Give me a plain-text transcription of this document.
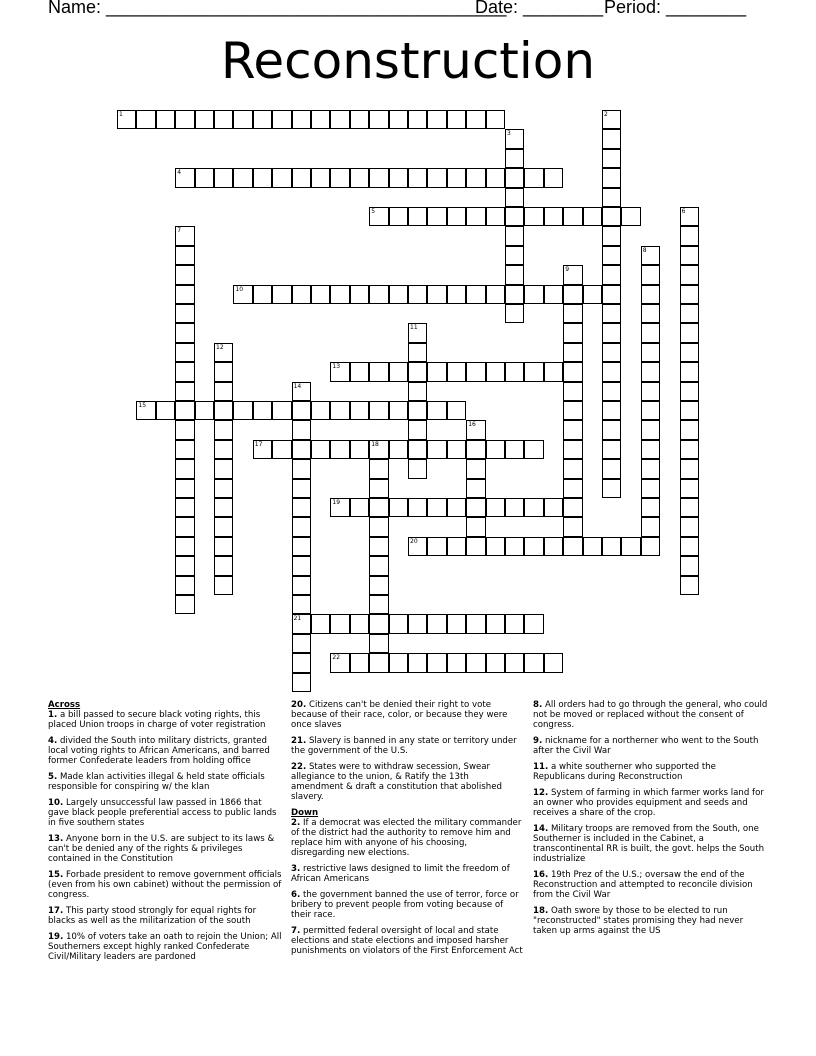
Name: ________________________________________
Date: ________ Period: ________
Reconstruction
1	2
3
4
5	6
7
8
9
10
11
12
13
14
21
15
16
17	18
19
20
22
Across
1. a bill passed to secure black voting rights, this placed Union troops in charge of voter registration
4. divided the South into military districts, granted local voting rights to African Americans, and barred former Confederate leaders from holding office
5. Made klan activities illegal & held state officials responsible for conspiring w/ the klan
10. Largely unsuccessful law passed in 1866 that gave black people preferential access to public lands in five southern states
13. Anyone born in the U.S. are subject to its laws & can't be denied any of the rights & privileges contained in the Constitution
15. Forbade president to remove government officials (even from his own cabinet) without the permission of congress.
17. This party stood strongly for equal rights for blacks as well as the militarization of the south
19. 10% of voters take an oath to rejoin the Union; All Southerners except highly ranked Confederate Civil/Military leaders are pardoned
20. Citizens can't be denied their right to vote because of their race, color, or because they were once slaves
21. Slavery is banned in any state or territory under the government of the U.S.
22. States were to withdraw secession, Swear allegiance to the union, & Ratify the 13th amendment & draft a constitution that abolished slavery.
Down
2. If a democrat was elected the military commander of the district had the authority to remove him and replace him with anyone of his choosing, disregarding new elections.
3. restrictive laws designed to limit the freedom of African Americans
6. the government banned the use of terror, force or bribery to prevent people from voting because of their race.
7. permitted federal oversight of local and state elections and state elections and imposed harsher punishments on violators of the First Enforcement Act
8. All orders had to go through the general, who could not be moved or replaced without the consent of congress.
9. nickname for a northerner who went to the South after the Civil War
11. a white southerner who supported the Republicans during Reconstruction
12. System of farming in which farmer works land for an owner who provides equipment and seeds and receives a share of the crop.
14. Military troops are removed from the South, one Southerner is included in the Cabinet, a transcontinental RR is built, the govt. helps the South industrialize
16. 19th Prez of the U.S.; oversaw the end of the Reconstruction and attempted to reconcile division from the Civil War
18. Oath swore by those to be elected to run "reconstructed" states promising they had never taken up arms against the US
